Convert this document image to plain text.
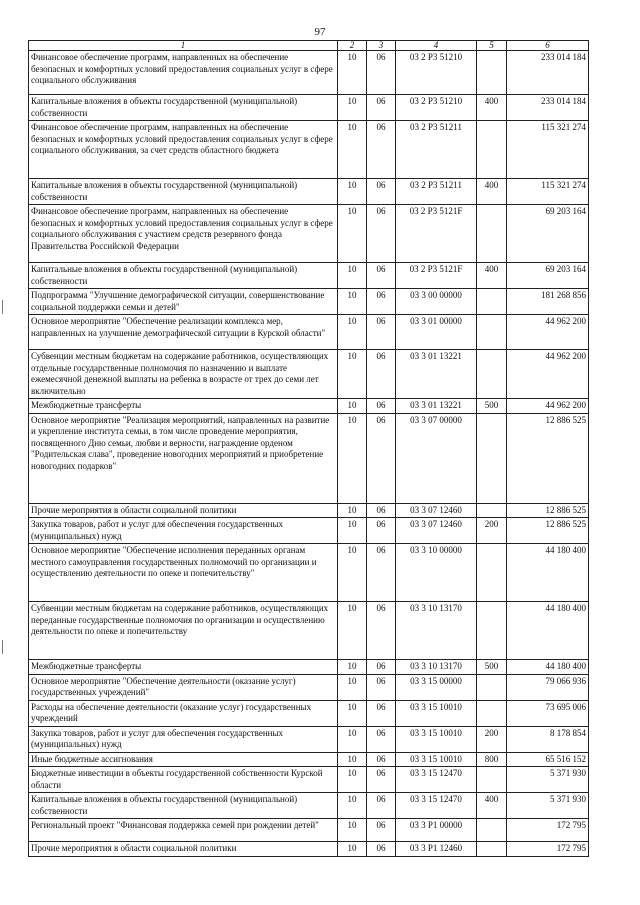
97
1	2	3	4	5	6
Финансовое обеспечение программ, направленных на обеспечение безопасных и комфортных условий предоставления социальных услуг в сфере социального обслуживания	10	06	03 2 P3 51210		233 014 184
Капитальные вложения в объекты государственной (муниципальной) собственности	10	06	03 2 P3 51210	400	233 014 184
Финансовое обеспечение программ, направленных на обеспечение безопасных и комфортных условий предоставления социальных услуг в сфере социального обслуживания, за счет средств областного бюджета	10	06	03 2 P3 51211		115 321 274
Капитальные вложения в объекты государственной (муниципальной) собственности	10	06	03 2 P3 51211	400	115 321 274
Финансовое обеспечение программ, направленных на обеспечение безопасных и комфортных условий предоставления социальных услуг в сфере социального обслуживания с участием средств резервного фонда Правительства Российской Федерации	10	06	03 2 P3 5121F		69 203 164
Капитальные вложения в объекты государственной (муниципальной) собственности	10	06	03 2 P3 5121F	400	69 203 164
Подпрограмма "Улучшение демографической ситуации, совершенствование социальной поддержки семьи и детей"	10	06	03 3 00 00000		181 268 856
Основное мероприятие "Обеспечение реализации комплекса мер, направленных на улучшение демографической ситуации в Курской области"	10	06	03 3 01 00000		44 962 200
Субвенции местным бюджетам на содержание работников, осуществляющих отдельные государственные полномочия по назначению и выплате ежемесячной денежной выплаты на ребенка в возрасте от трех до семи лет включительно	10	06	03 3 01 13221		44 962 200
Межбюджетные трансферты	10	06	03 3 01 13221	500	44 962 200
Основное мероприятие "Реализация мероприятий, направленных на развитие и укрепление института семьи, в том числе проведение мероприятия, посвященного Дню семьи, любви и верности, награждение орденом "Родительская слава", проведение новогодних мероприятий и приобретение новогодних подарков"	10	06	03 3 07 00000		12 886 525
Прочие мероприятия в области социальной политики	10	06	03 3 07 12460		12 886 525
Закупка товаров, работ и услуг для обеспечения государственных (муниципальных) нужд	10	06	03 3 07 12460	200	12 886 525
Основное мероприятие "Обеспечение исполнения переданных органам местного самоуправления государственных полномочий по организации и осуществлению деятельности по опеке и попечительству"	10	06	03 3 10 00000		44 180 400
Субвенции местным бюджетам на содержание работников, осуществляющих переданные государственные полномочия по организации и осуществлению деятельности по опеке и попечительству	10	06	03 3 10 13170		44 180 400
Межбюджетные трансферты	10	06	03 3 10 13170	500	44 180 400
Основное мероприятие "Обеспечение деятельности (оказание услуг) государственных учреждений"	10	06	03 3 15 00000		79 066 936
Расходы на обеспечение деятельности (оказание услуг) государственных учреждений	10	06	03 3 15 10010		73 695 006
Закупка товаров, работ и услуг для обеспечения государственных (муниципальных) нужд	10	06	03 3 15 10010	200	8 178 854
Иные бюджетные ассигнования	10	06	03 3 15 10010	800	65 516 152
Бюджетные инвестиции в объекты государственной собственности Курской области	10	06	03 3 15 12470		5 371 930
Капитальные вложения в объекты государственной (муниципальной) собственности	10	06	03 3 15 12470	400	5 371 930
Региональный проект "Финансовая поддержка семей при рождении детей"	10	06	03 3 P1 00000		172 795
Прочие мероприятия в области социальной политики	10	06	03 3 P1 12460		172 795
